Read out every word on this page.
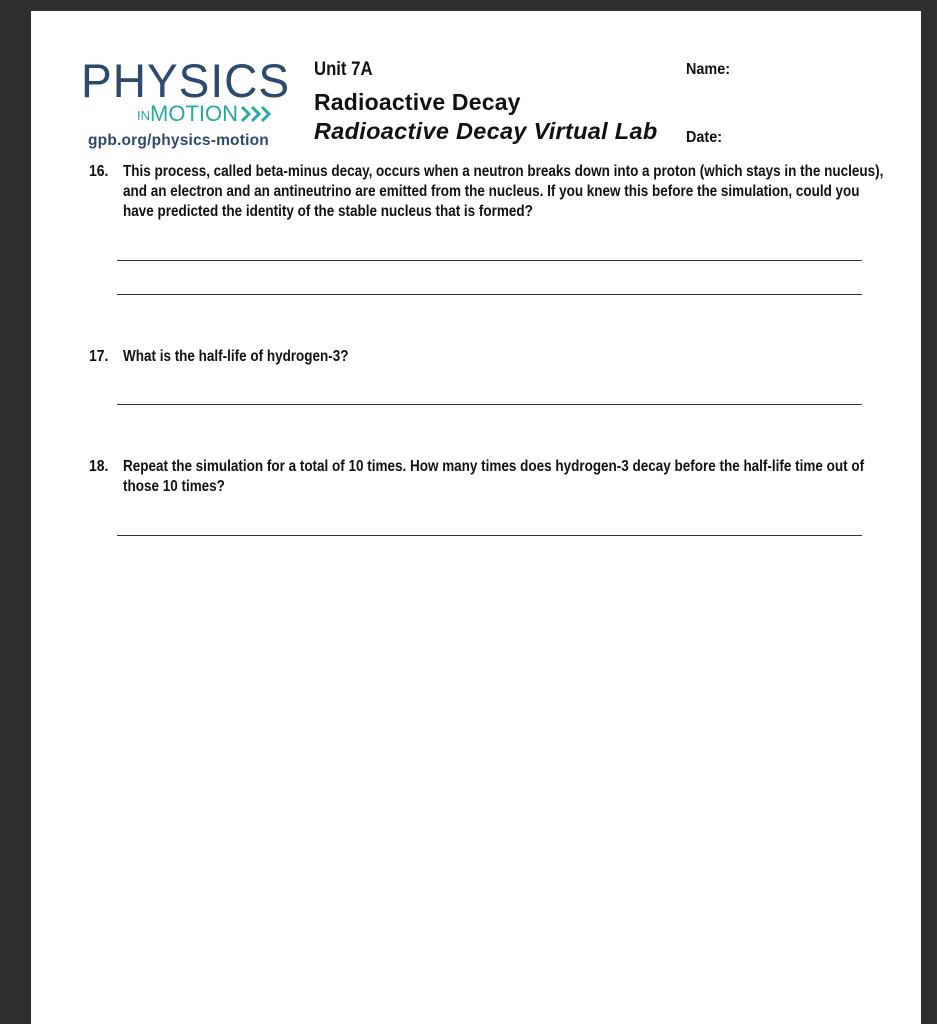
PHYSICS
IN MOTION
gpb.org/physics-motion
Unit 7A
Radioactive Decay
Radioactive Decay Virtual Lab
Name:
Date:
16. This process, called beta-minus decay, occurs when a neutron breaks down into a proton (which stays in the nucleus), and an electron and an antineutrino are emitted from the nucleus. If you knew this before the simulation, could you have predicted the identity of the stable nucleus that is formed?
17. What is the half-life of hydrogen-3?
18. Repeat the simulation for a total of 10 times. How many times does hydrogen-3 decay before the half-life time out of those 10 times?
